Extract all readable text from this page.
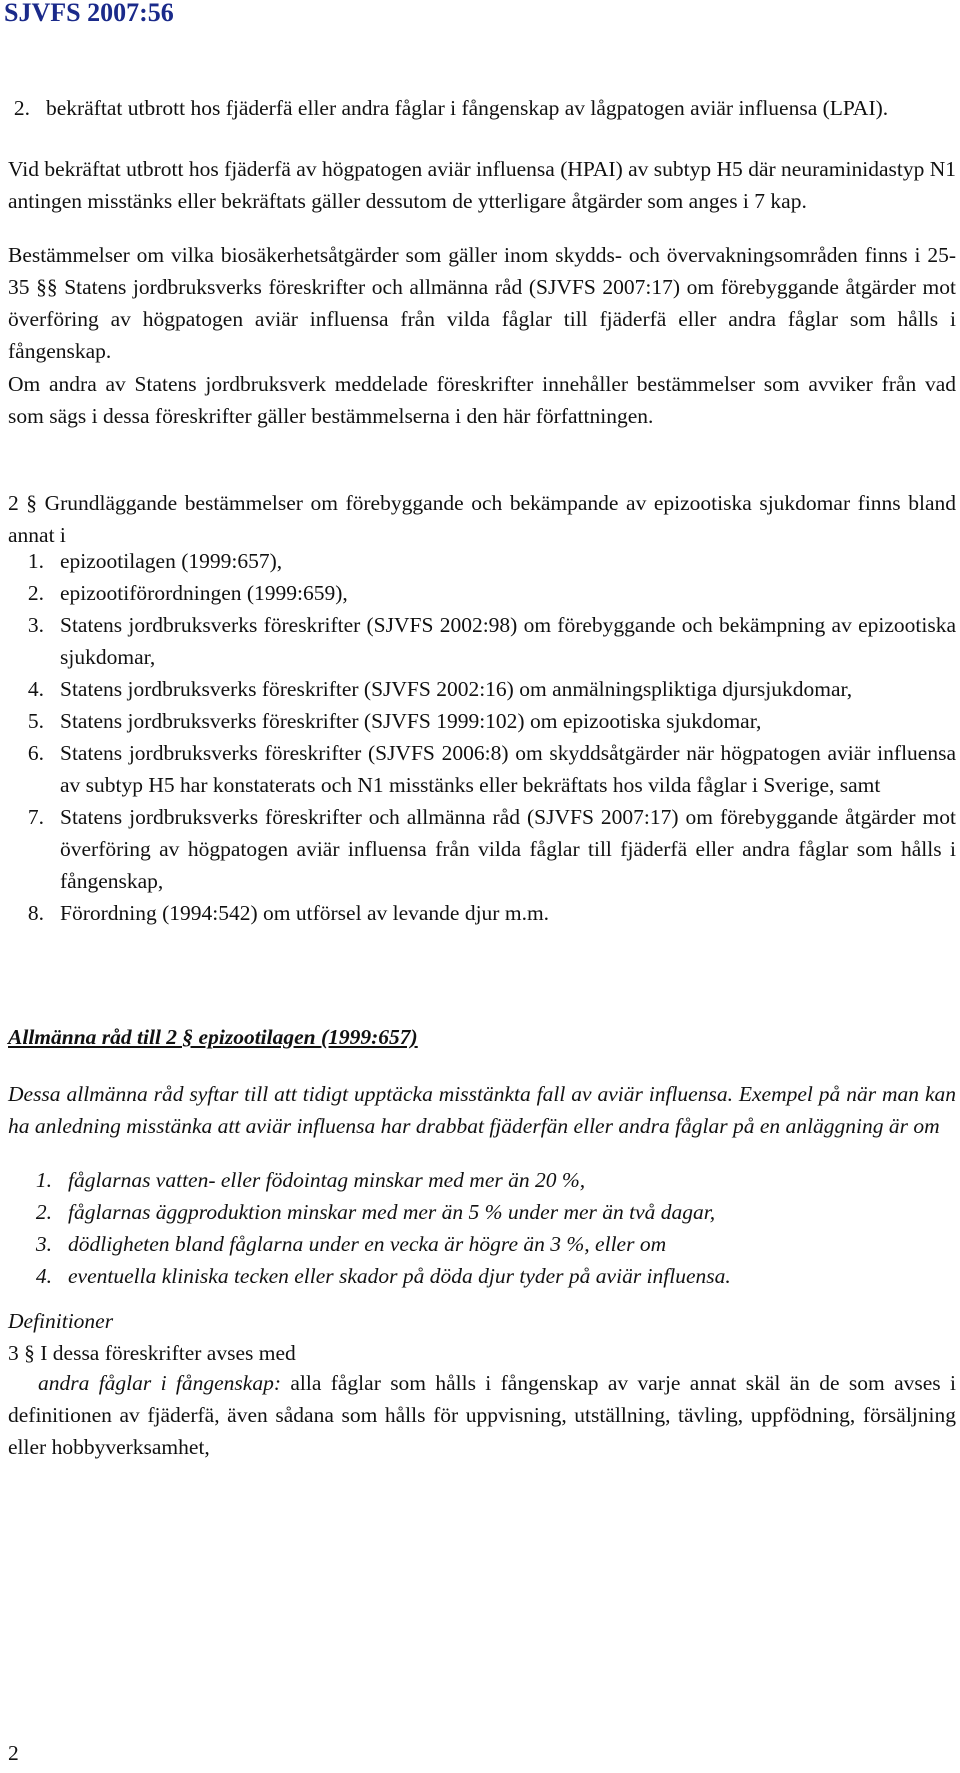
SJVFS 2007:56
2. bekräftat utbrott hos fjäderfä eller andra fåglar i fångenskap av lågpatogen aviär influensa (LPAI).
Vid bekräftat utbrott hos fjäderfä av högpatogen aviär influensa (HPAI) av subtyp H5 där neuraminidastyp N1 antingen misstänks eller bekräftats gäller dessutom de ytterligare åtgärder som anges i 7 kap.
Bestämmelser om vilka biosäkerhetsåtgärder som gäller inom skydds- och övervakningsområden finns i 25-35 §§ Statens jordbruksverks föreskrifter och allmänna råd (SJVFS 2007:17) om förebyggande åtgärder mot överföring av högpatogen aviär influensa från vilda fåglar till fjäderfä eller andra fåglar som hålls i fångenskap.
Om andra av Statens jordbruksverk meddelade föreskrifter innehåller bestämmelser som avviker från vad som sägs i dessa föreskrifter gäller bestämmelserna i den här författningen.
2 § Grundläggande bestämmelser om förebyggande och bekämpande av epizootiska sjukdomar finns bland annat i
1. epizootilagen (1999:657),
2. epizootiförordningen (1999:659),
3. Statens jordbruksverks föreskrifter (SJVFS 2002:98) om förebyggande och bekämpning av epizootiska sjukdomar,
4. Statens jordbruksverks föreskrifter (SJVFS 2002:16) om anmälningspliktiga djursjukdomar,
5. Statens jordbruksverks föreskrifter (SJVFS 1999:102) om epizootiska sjukdomar,
6. Statens jordbruksverks föreskrifter (SJVFS 2006:8) om skyddsåtgärder när högpatogen aviär influensa av subtyp H5 har konstaterats och N1 misstänks eller bekräftats hos vilda fåglar i Sverige, samt
7. Statens jordbruksverks föreskrifter och allmänna råd (SJVFS 2007:17) om förebyggande åtgärder mot överföring av högpatogen aviär influensa från vilda fåglar till fjäderfä eller andra fåglar som hålls i fångenskap,
8. Förordning (1994:542) om utförsel av levande djur m.m.
Allmänna råd till 2 § epizootilagen (1999:657)
Dessa allmänna råd syftar till att tidigt upptäcka misstänkta fall av aviär influensa. Exempel på när man kan ha anledning misstänka att aviär influensa har drabbat fjäderfän eller andra fåglar på en anläggning är om
1. fåglarnas vatten- eller födointag minskar med mer än 20 %,
2. fåglarnas äggproduktion minskar med mer än 5 % under mer än två dagar,
3. dödligheten bland fåglarna under en vecka är högre än 3 %, eller om
4. eventuella kliniska tecken eller skador på döda djur tyder på aviär influensa.
Definitioner
3 § I dessa föreskrifter avses med
andra fåglar i fångenskap: alla fåglar som hålls i fångenskap av varje annat skäl än de som avses i definitionen av fjäderfä, även sådana som hålls för uppvisning, utställning, tävling, uppfödning, försäljning eller hobbyverksamhet,
2
